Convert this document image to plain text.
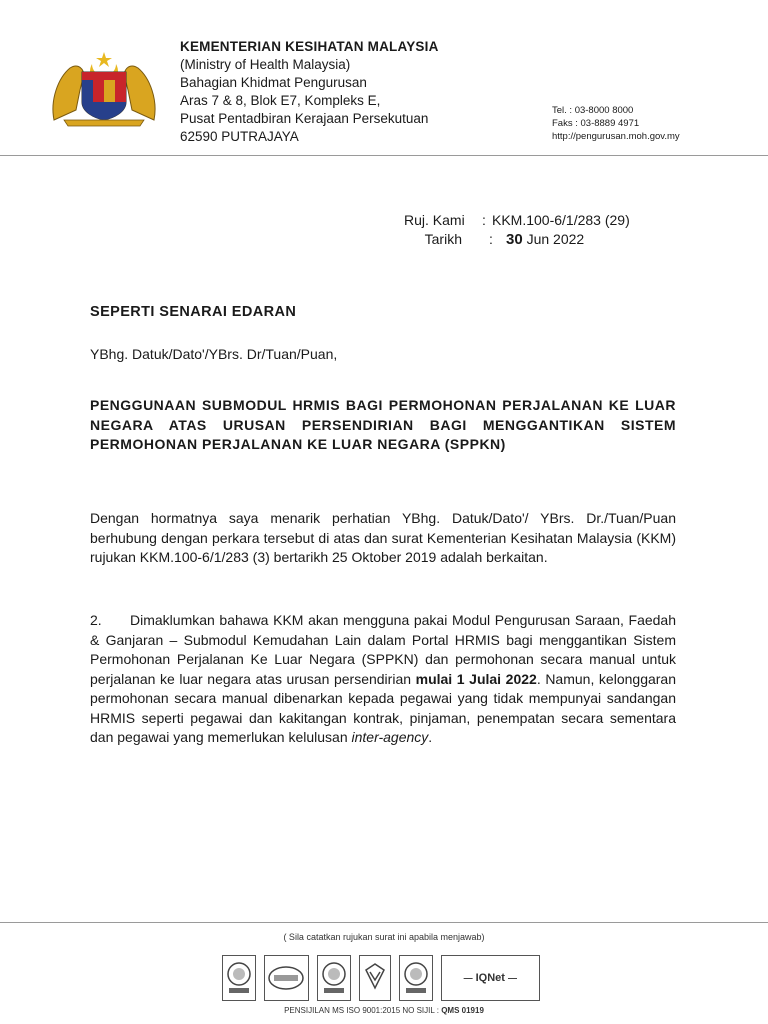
KEMENTERIAN KESIHATAN MALAYSIA
(Ministry of Health Malaysia)
Bahagian Khidmat Pengurusan
Aras 7 & 8, Blok E7, Kompleks E,
Pusat Pentadbiran Kerajaan Persekutuan
62590 PUTRAJAYA
Tel. : 03-8000 8000
Faks : 03-8889 4971
http://pengurusan.moh.gov.my
Ruj. Kami	: KKM.100-6/1/283 (29)
Tarikh	: 30 Jun 2022
SEPERTI SENARAI EDARAN
YBhg. Datuk/Dato'/YBrs. Dr/Tuan/Puan,
PENGGUNAAN SUBMODUL HRMIS BAGI PERMOHONAN PERJALANAN KE LUAR NEGARA ATAS URUSAN PERSENDIRIAN BAGI MENGGANTIKAN SISTEM PERMOHONAN PERJALANAN KE LUAR NEGARA (SPPKN)
Dengan hormatnya saya menarik perhatian YBhg. Datuk/Dato'/ YBrs. Dr./Tuan/Puan berhubung dengan perkara tersebut di atas dan surat Kementerian Kesihatan Malaysia (KKM) rujukan KKM.100-6/1/283 (3) bertarikh 25 Oktober 2019 adalah berkaitan.
2. Dimaklumkan bahawa KKM akan mengguna pakai Modul Pengurusan Saraan, Faedah & Ganjaran – Submodul Kemudahan Lain dalam Portal HRMIS bagi menggantikan Sistem Permohonan Perjalanan Ke Luar Negara (SPPKN) dan permohonan secara manual untuk perjalanan ke luar negara atas urusan persendirian mulai 1 Julai 2022. Namun, kelonggaran permohonan secara manual dibenarkan kepada pegawai yang tidak mempunyai sandangan HRMIS seperti pegawai dan kakitangan kontrak, pinjaman, penempatan secara sementara dan pegawai yang memerlukan kelulusan inter-agency.
( Sila catatkan rujukan surat ini apabila menjawab)
— IQNet —
PENSIJILAN MS ISO 9001:2015 NO SIJIL : QMS 01919
